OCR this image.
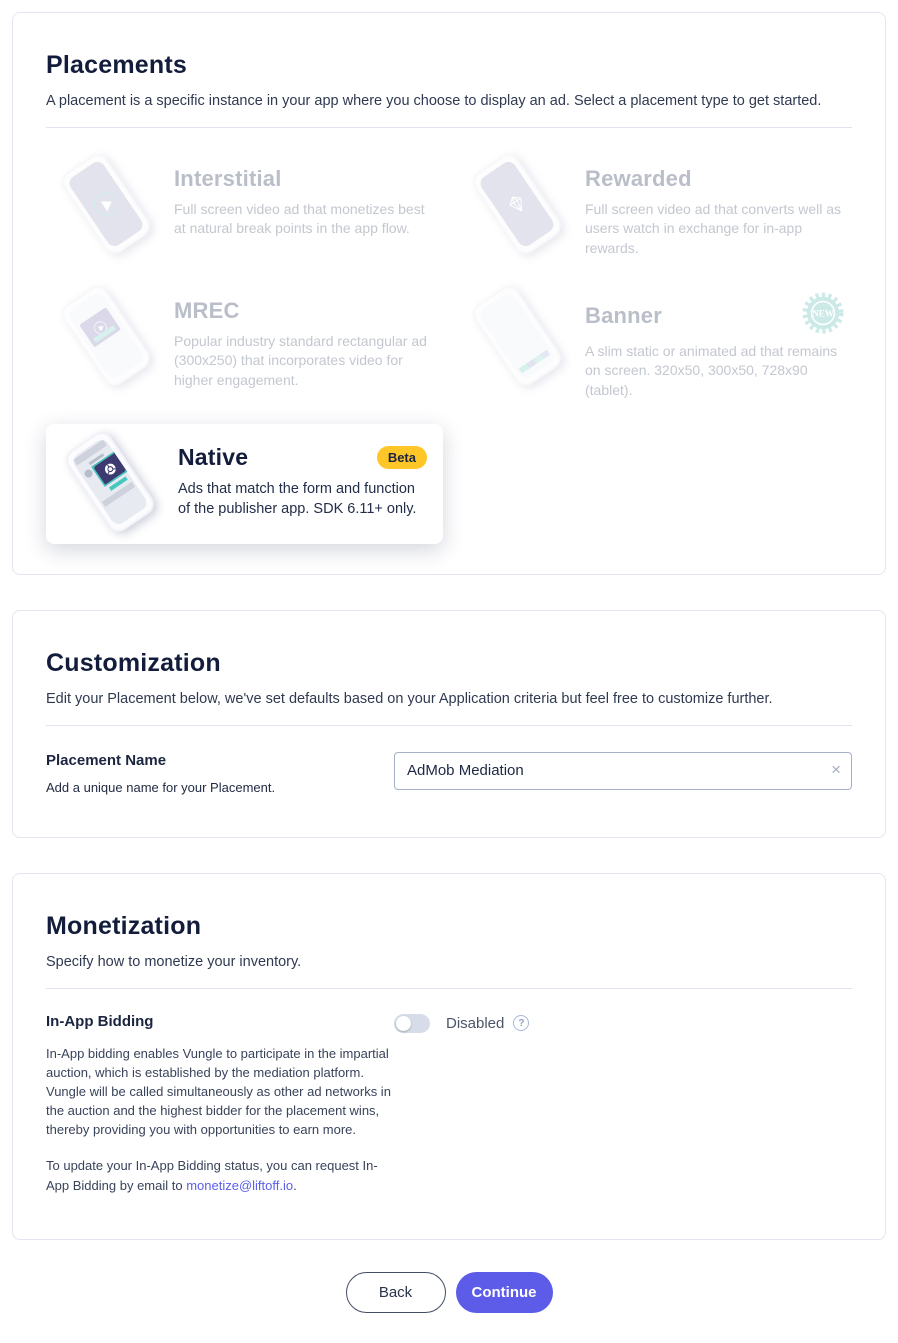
Placements

A placement is a specific instance in your app where you choose to display an ad. Select a placement type to get started.

Interstitial

Full screen video ad that monetizes best at natural break points in the app flow.

Rewarded

Full screen video ad that converts well as users watch in exchange for in-app rewards.

MREC

Popular industry standard rectangular ad (300x250) that incorporates video for higher engagement.

Banner	NEW

A slim static or animated ad that remains on screen. 320x50, 300x50, 728x90 (tablet).

Native	Beta

Ads that match the form and function of the publisher app. SDK 6.11+ only.

Customization

Edit your Placement below, we've set defaults based on your Application criteria but feel free to customize further.

Placement Name
Add a unique name for your Placement.
AdMob Mediation
×
Monetization

Specify how to monetize your inventory.

In-App Bidding

In-App bidding enables Vungle to participate in the impartial auction, which is established by the mediation platform. Vungle will be called simultaneously as other ad networks in the auction and the highest bidder for the placement wins, thereby providing you with opportunities to earn more.

To update your In-App Bidding status, you can request In-App Bidding by email to monetize@liftoff.io.

Disabled	?
Back	Continue
